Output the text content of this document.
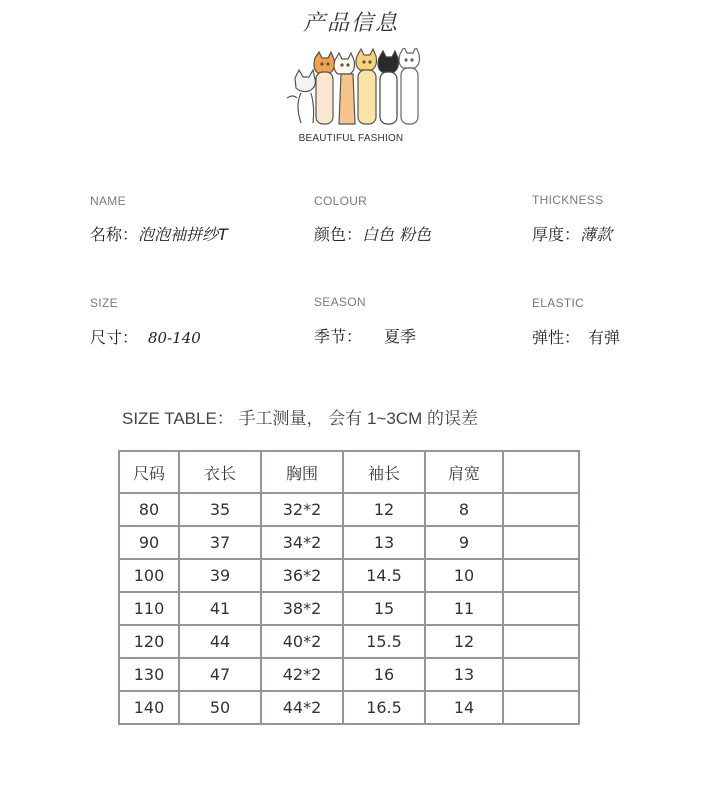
产品信息
BEAUTIFUL FASHION
NAME
名称：泡泡袖拼纱T
COLOUR
颜色：白色 粉色
THICKNESS
厚度：薄款
SIZE
尺寸： 80-140
SEASON
季节： 夏季
ELASTIC
弹性： 有弹
SIZE TABLE： 手工测量， 会有 1~3CM 的误差
尺码	衣长	胸围	袖长	肩宽	
80	35	32*2	12	8	
90	37	34*2	13	9	
100	39	36*2	14.5	10	
110	41	38*2	15	11	
120	44	40*2	15.5	12	
130	47	42*2	16	13	
140	50	44*2	16.5	14	
